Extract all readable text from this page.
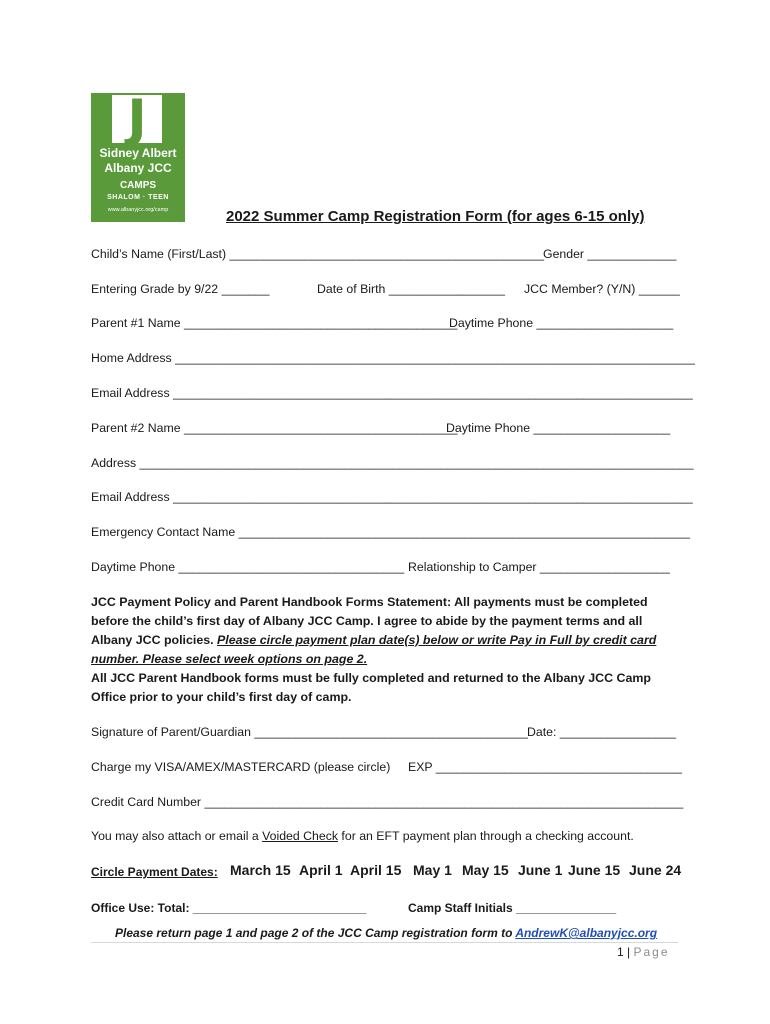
J
Sidney Albert
Albany JCC
CAMPS
SHALOM · TEEN
www.albanyjcc.org/camp	2022 Summer Camp Registration Form (for ages 6-15 only)
Child’s Name (First/Last) ______________________________________________
Gender _____________
Entering Grade by 9/22 _______	Date of Birth _________________ JCC Member? (Y/N) ______
Parent #1 Name ________________________________________
Daytime Phone ____________________
Home Address ____________________________________________________________________________
Email Address ____________________________________________________________________________
Parent #2 Name ________________________________________
Daytime Phone ____________________
Address _________________________________________________________________________________
Email Address ____________________________________________________________________________
Emergency Contact Name __________________________________________________________________
Daytime Phone _________________________________ Relationship to Camper ___________________
JCC Payment Policy and Parent Handbook Forms Statement: All payments must be completed before the child’s first day of Albany JCC Camp. I agree to abide by the payment terms and all Albany JCC policies. Please circle payment plan date(s) below or write Pay in Full by credit card number. Please select week options on page 2.
All JCC Parent Handbook forms must be fully completed and returned to the Albany JCC Camp Office prior to your child’s first day of camp.
Signature of Parent/Guardian ________________________________________ Date: _________________
Charge my VISA/AMEX/MASTERCARD (please circle) EXP ____________________________________
Credit Card Number ______________________________________________________________________
You may also attach or email a Voided Check for an EFT payment plan through a checking account.
Circle Payment Dates: March 15 April 1 April 15 May 1 May 15 June 1 June 15 June 24
Office Use: Total: __________________________	Camp Staff Initials _______________
Please return page 1 and page 2 of the JCC Camp registration form to AndrewK@albanyjcc.org
1 | Page
